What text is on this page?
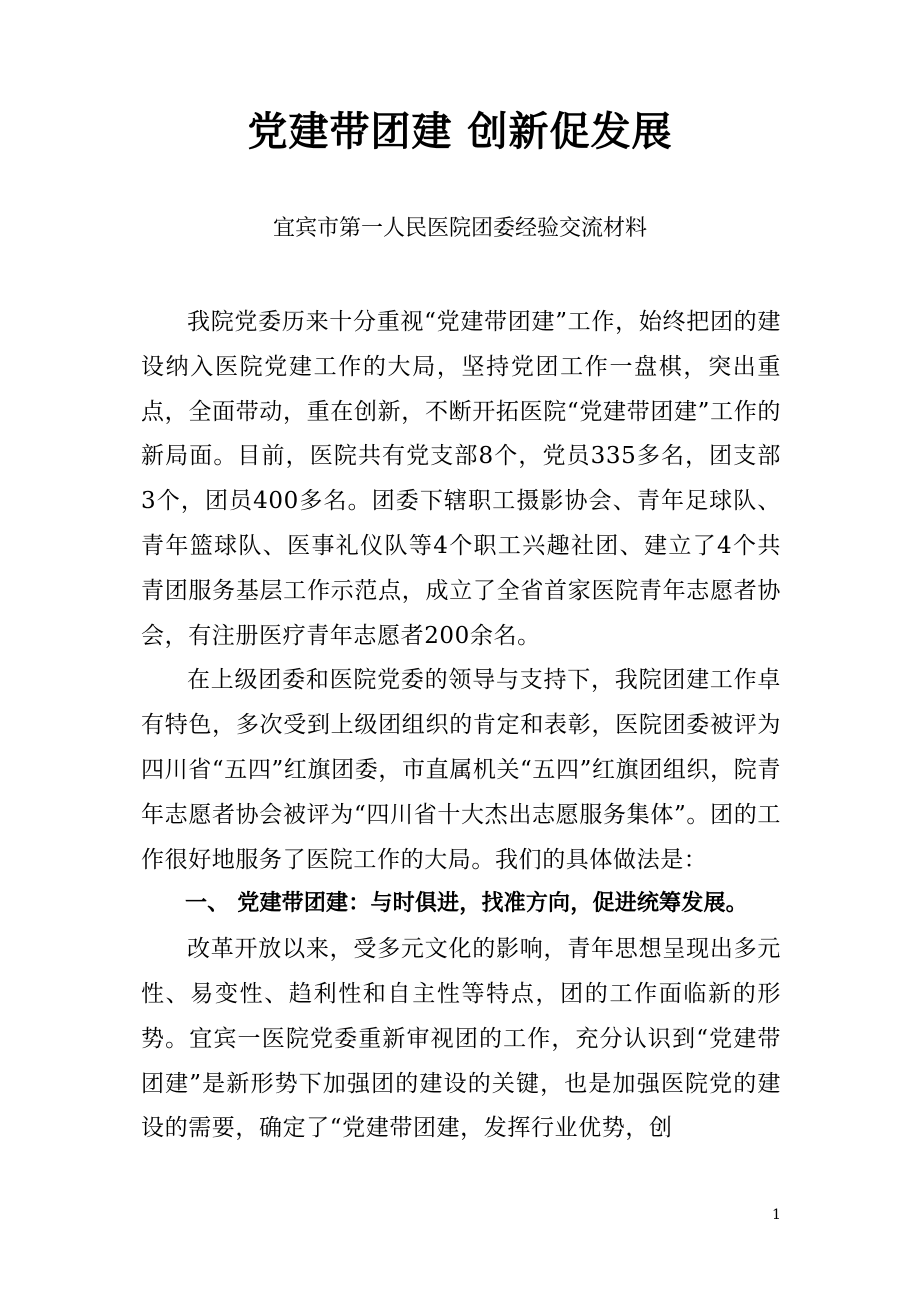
党建带团建 创新促发展
宜宾市第一人民医院团委经验交流材料

我院党委历来十分重视“党建带团建”工作，始终把团的建设纳入医院党建工作的大局，坚持党团工作一盘棋，突出重点，全面带动，重在创新，不断开拓医院“党建带团建”工作的新局面。目前，医院共有党支部8个，党员335多名，团支部3个，团员400多名。团委下辖职工摄影协会、青年足球队、青年篮球队、医事礼仪队等4个职工兴趣社团、建立了4个共青团服务基层工作示范点，成立了全省首家医院青年志愿者协会，有注册医疗青年志愿者200余名。

在上级团委和医院党委的领导与支持下，我院团建工作卓有特色，多次受到上级团组织的肯定和表彰，医院团委被评为四川省“五四”红旗团委，市直属机关“五四”红旗团组织，院青年志愿者协会被评为“四川省十大杰出志愿服务集体”。团的工作很好地服务了医院工作的大局。我们的具体做法是：

一、 党建带团建：与时俱进，找准方向，促进统筹发展。

改革开放以来，受多元文化的影响，青年思想呈现出多元性、易变性、趋利性和自主性等特点，团的工作面临新的形势。宜宾一医院党委重新审视团的工作，充分认识到“党建带团建”是新形势下加强团的建设的关键，也是加强医院党的建设的需要，确定了“党建带团建，发挥行业优势，创

1
